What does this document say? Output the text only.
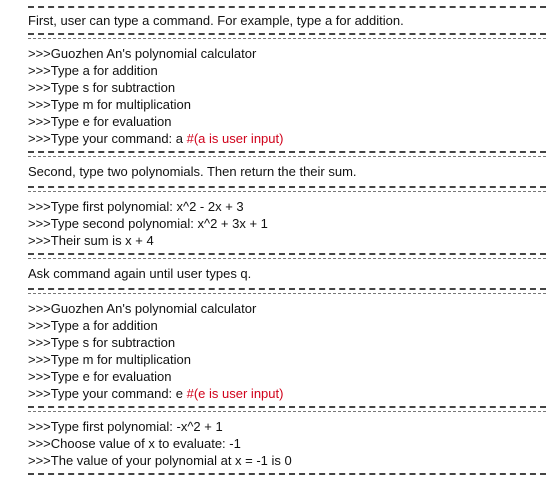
First, user can type a command. For example, type a for addition.
>>>Guozhen An's polynomial calculator
>>>Type a for addition
>>>Type s for subtraction
>>>Type m for multiplication
>>>Type e for evaluation
>>>Type your command: a #(a is user input)
Second, type two polynomials. Then return the their sum.
>>>Type first polynomial: x^2 - 2x + 3
>>>Type second polynomial: x^2 + 3x + 1
>>>Their sum is x + 4
Ask command again until user types q.
>>>Guozhen An's polynomial calculator
>>>Type a for addition
>>>Type s for subtraction
>>>Type m for multiplication
>>>Type e for evaluation
>>>Type your command: e #(e is user input)
>>>Type first polynomial: -x^2 + 1
>>>Choose value of x to evaluate: -1
>>>The value of your polynomial at x = -1 is 0
